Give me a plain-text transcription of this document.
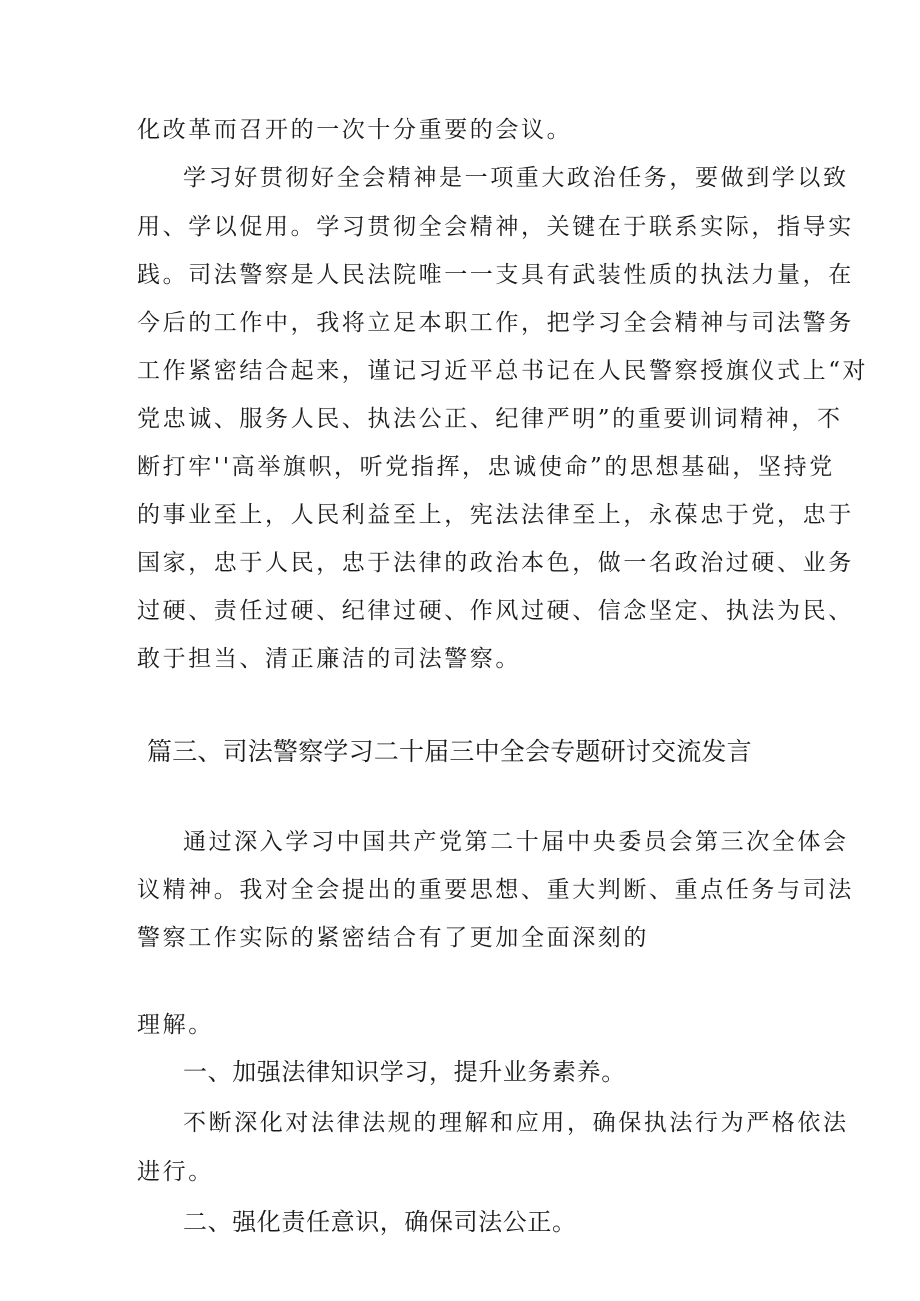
化改革而召开的一次十分重要的会议。
学习好贯彻好全会精神是一项重大政治任务，要做到学以致
用、学以促用。学习贯彻全会精神，关键在于联系实际，指导实
践。司法警察是人民法院唯一一支具有武装性质的执法力量，在
今后的工作中，我将立足本职工作，把学习全会精神与司法警务
工作紧密结合起来，谨记习近平总书记在人民警察授旗仪式上“对
党忠诚、服务人民、执法公正、纪律严明”的重要训词精神，不
断打牢''高举旗帜，听党指挥，忠诚使命”的思想基础，坚持党
的事业至上，人民利益至上，宪法法律至上，永葆忠于党，忠于
国家，忠于人民，忠于法律的政治本色，做一名政治过硬、业务
过硬、责任过硬、纪律过硬、作风过硬、信念坚定、执法为民、
敢于担当、清正廉洁的司法警察。
篇三、司法警察学习二十届三中全会专题研讨交流发言
通过深入学习中国共产党第二十届中央委员会第三次全体会
议精神。我对全会提出的重要思想、重大判断、重点任务与司法
警察工作实际的紧密结合有了更加全面深刻的
理解。
一、加强法律知识学习，提升业务素养。
不断深化对法律法规的理解和应用，确保执法行为严格依法
进行。
二、强化责任意识，确保司法公正。
